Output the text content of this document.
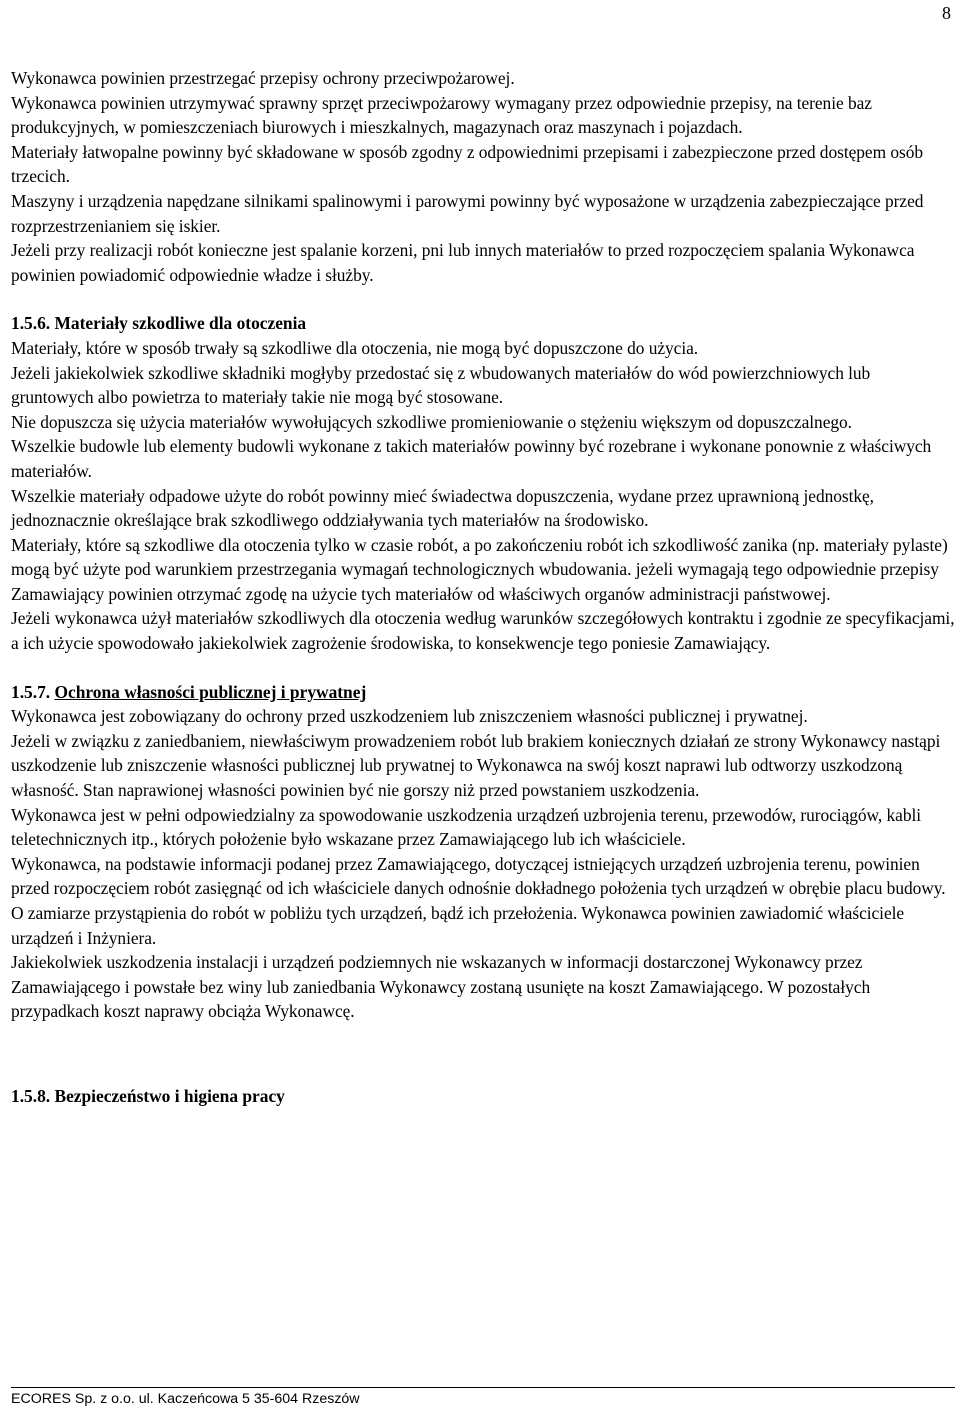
8

Wykonawca powinien przestrzegać przepisy ochrony przeciwpożarowej.

Wykonawca powinien utrzymywać sprawny sprzęt przeciwpożarowy wymagany przez odpowiednie przepisy, na terenie baz produkcyjnych, w pomieszczeniach biurowych i mieszkalnych, magazynach oraz maszynach i pojazdach.

Materiały łatwopalne powinny być składowane w sposób zgodny z odpowiednimi przepisami i zabezpieczone przed dostępem osób trzecich.

Maszyny i urządzenia napędzane silnikami spalinowymi i parowymi powinny być wyposażone w urządzenia zabezpieczające przed rozprzestrzenianiem się iskier.

Jeżeli przy realizacji robót konieczne jest spalanie korzeni, pni lub innych materiałów to przed rozpoczęciem spalania Wykonawca powinien powiadomić odpowiednie władze i służby.

1.5.6. Materiały szkodliwe dla otoczenia

Materiały, które w sposób trwały są szkodliwe dla otoczenia, nie mogą być dopuszczone do użycia.

Jeżeli jakiekolwiek szkodliwe składniki mogłyby przedostać się z wbudowanych materiałów do wód powierzchniowych lub gruntowych albo powietrza to materiały takie nie mogą być stosowane.

Nie dopuszcza się użycia materiałów wywołujących szkodliwe promieniowanie o stężeniu większym od dopuszczalnego.

Wszelkie budowle lub elementy budowli wykonane z takich materiałów powinny być rozebrane i wykonane ponownie z właściwych materiałów.

Wszelkie materiały odpadowe użyte do robót powinny mieć świadectwa dopuszczenia, wydane przez uprawnioną jednostkę, jednoznacznie określające brak szkodliwego oddziaływania tych materiałów na środowisko.

Materiały, które są szkodliwe dla otoczenia tylko w czasie robót, a po zakończeniu robót ich szkodliwość zanika (np. materiały pylaste) mogą być użyte pod warunkiem przestrzegania wymagań technologicznych wbudowania. jeżeli wymagają tego odpowiednie przepisy Zamawiający powinien otrzymać zgodę na użycie tych materiałów od właściwych organów administracji państwowej.

Jeżeli wykonawca użył materiałów szkodliwych dla otoczenia według warunków szczegółowych kontraktu i zgodnie ze specyfikacjami, a ich użycie spowodowało jakiekolwiek zagrożenie środowiska, to konsekwencje tego poniesie Zamawiający.

1.5.7. Ochrona własności publicznej i prywatnej

Wykonawca jest zobowiązany do ochrony przed uszkodzeniem lub zniszczeniem własności publicznej i prywatnej.

Jeżeli w związku z zaniedbaniem, niewłaściwym prowadzeniem robót lub brakiem koniecznych działań ze strony Wykonawcy nastąpi uszkodzenie lub zniszczenie własności publicznej lub prywatnej to Wykonawca na swój koszt naprawi lub odtworzy uszkodzoną własność. Stan naprawionej własności powinien być nie gorszy niż przed powstaniem uszkodzenia.

Wykonawca jest w pełni odpowiedzialny za spowodowanie uszkodzenia urządzeń uzbrojenia terenu, przewodów, rurociągów, kabli teletechnicznych itp., których położenie było wskazane przez Zamawiającego lub ich właściciele.

Wykonawca, na podstawie informacji podanej przez Zamawiającego, dotyczącej istniejących urządzeń uzbrojenia terenu, powinien przed rozpoczęciem robót zasięgnąć od ich właściciele danych odnośnie dokładnego położenia tych urządzeń w obrębie placu budowy.

O zamiarze przystąpienia do robót w pobliżu tych urządzeń, bądź ich przełożenia. Wykonawca powinien zawiadomić właściciele urządzeń i Inżyniera.

Jakiekolwiek uszkodzenia instalacji i urządzeń podziemnych nie wskazanych w informacji dostarczonej Wykonawcy przez Zamawiającego i powstałe bez winy lub zaniedbania Wykonawcy zostaną usunięte na koszt Zamawiającego. W pozostałych przypadkach koszt naprawy obciąża Wykonawcę.

1.5.8. Bezpieczeństwo i higiena pracy

ECORES Sp. z o.o. ul. Kaczeńcowa 5 35-604 Rzeszów
